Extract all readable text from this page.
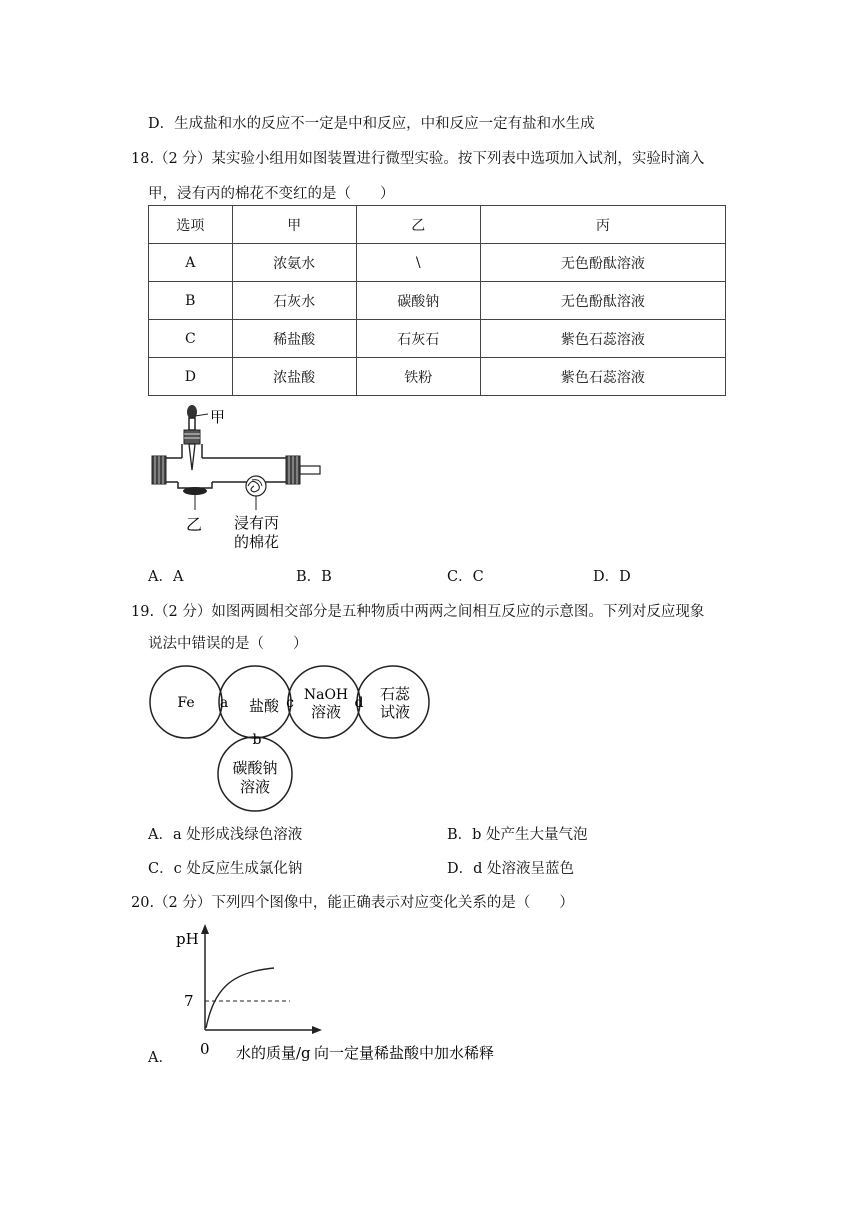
D．生成盐和水的反应不一定是中和反应，中和反应一定有盐和水生成
18.（2 分）某实验小组用如图装置进行微型实验。按下列表中选项加入试剂，实验时滴入
甲，浸有丙的棉花不变红的是（　　）
选项	甲	乙	丙
A	浓氨水	\	无色酚酞溶液
B	石灰水	碳酸钠	无色酚酞溶液
C	稀盐酸	石灰石	紫色石蕊溶液
D	浓盐酸	铁粉	紫色石蕊溶液
甲
乙 浸有丙
的棉花
A．A	B．B	C．C	D．D
19.（2 分）如图两圆相交部分是五种物质中两两之间相互反应的示意图。下列对反应现象
说法中错误的是（　　）
Fe	盐酸
NaOH
溶液
石蕊
试液
碳酸钠
溶液
a
b
c	d
A．a 处形成浅绿色溶液	B．b 处产生大量气泡
C．c 处反应生成氯化钠	D．d 处溶液呈蓝色
20.（2 分）下列四个图像中，能正确表示对应变化关系的是（　　）
A．
pH
7
0 水的质量/g 向一定量稀盐酸中加水稀释
